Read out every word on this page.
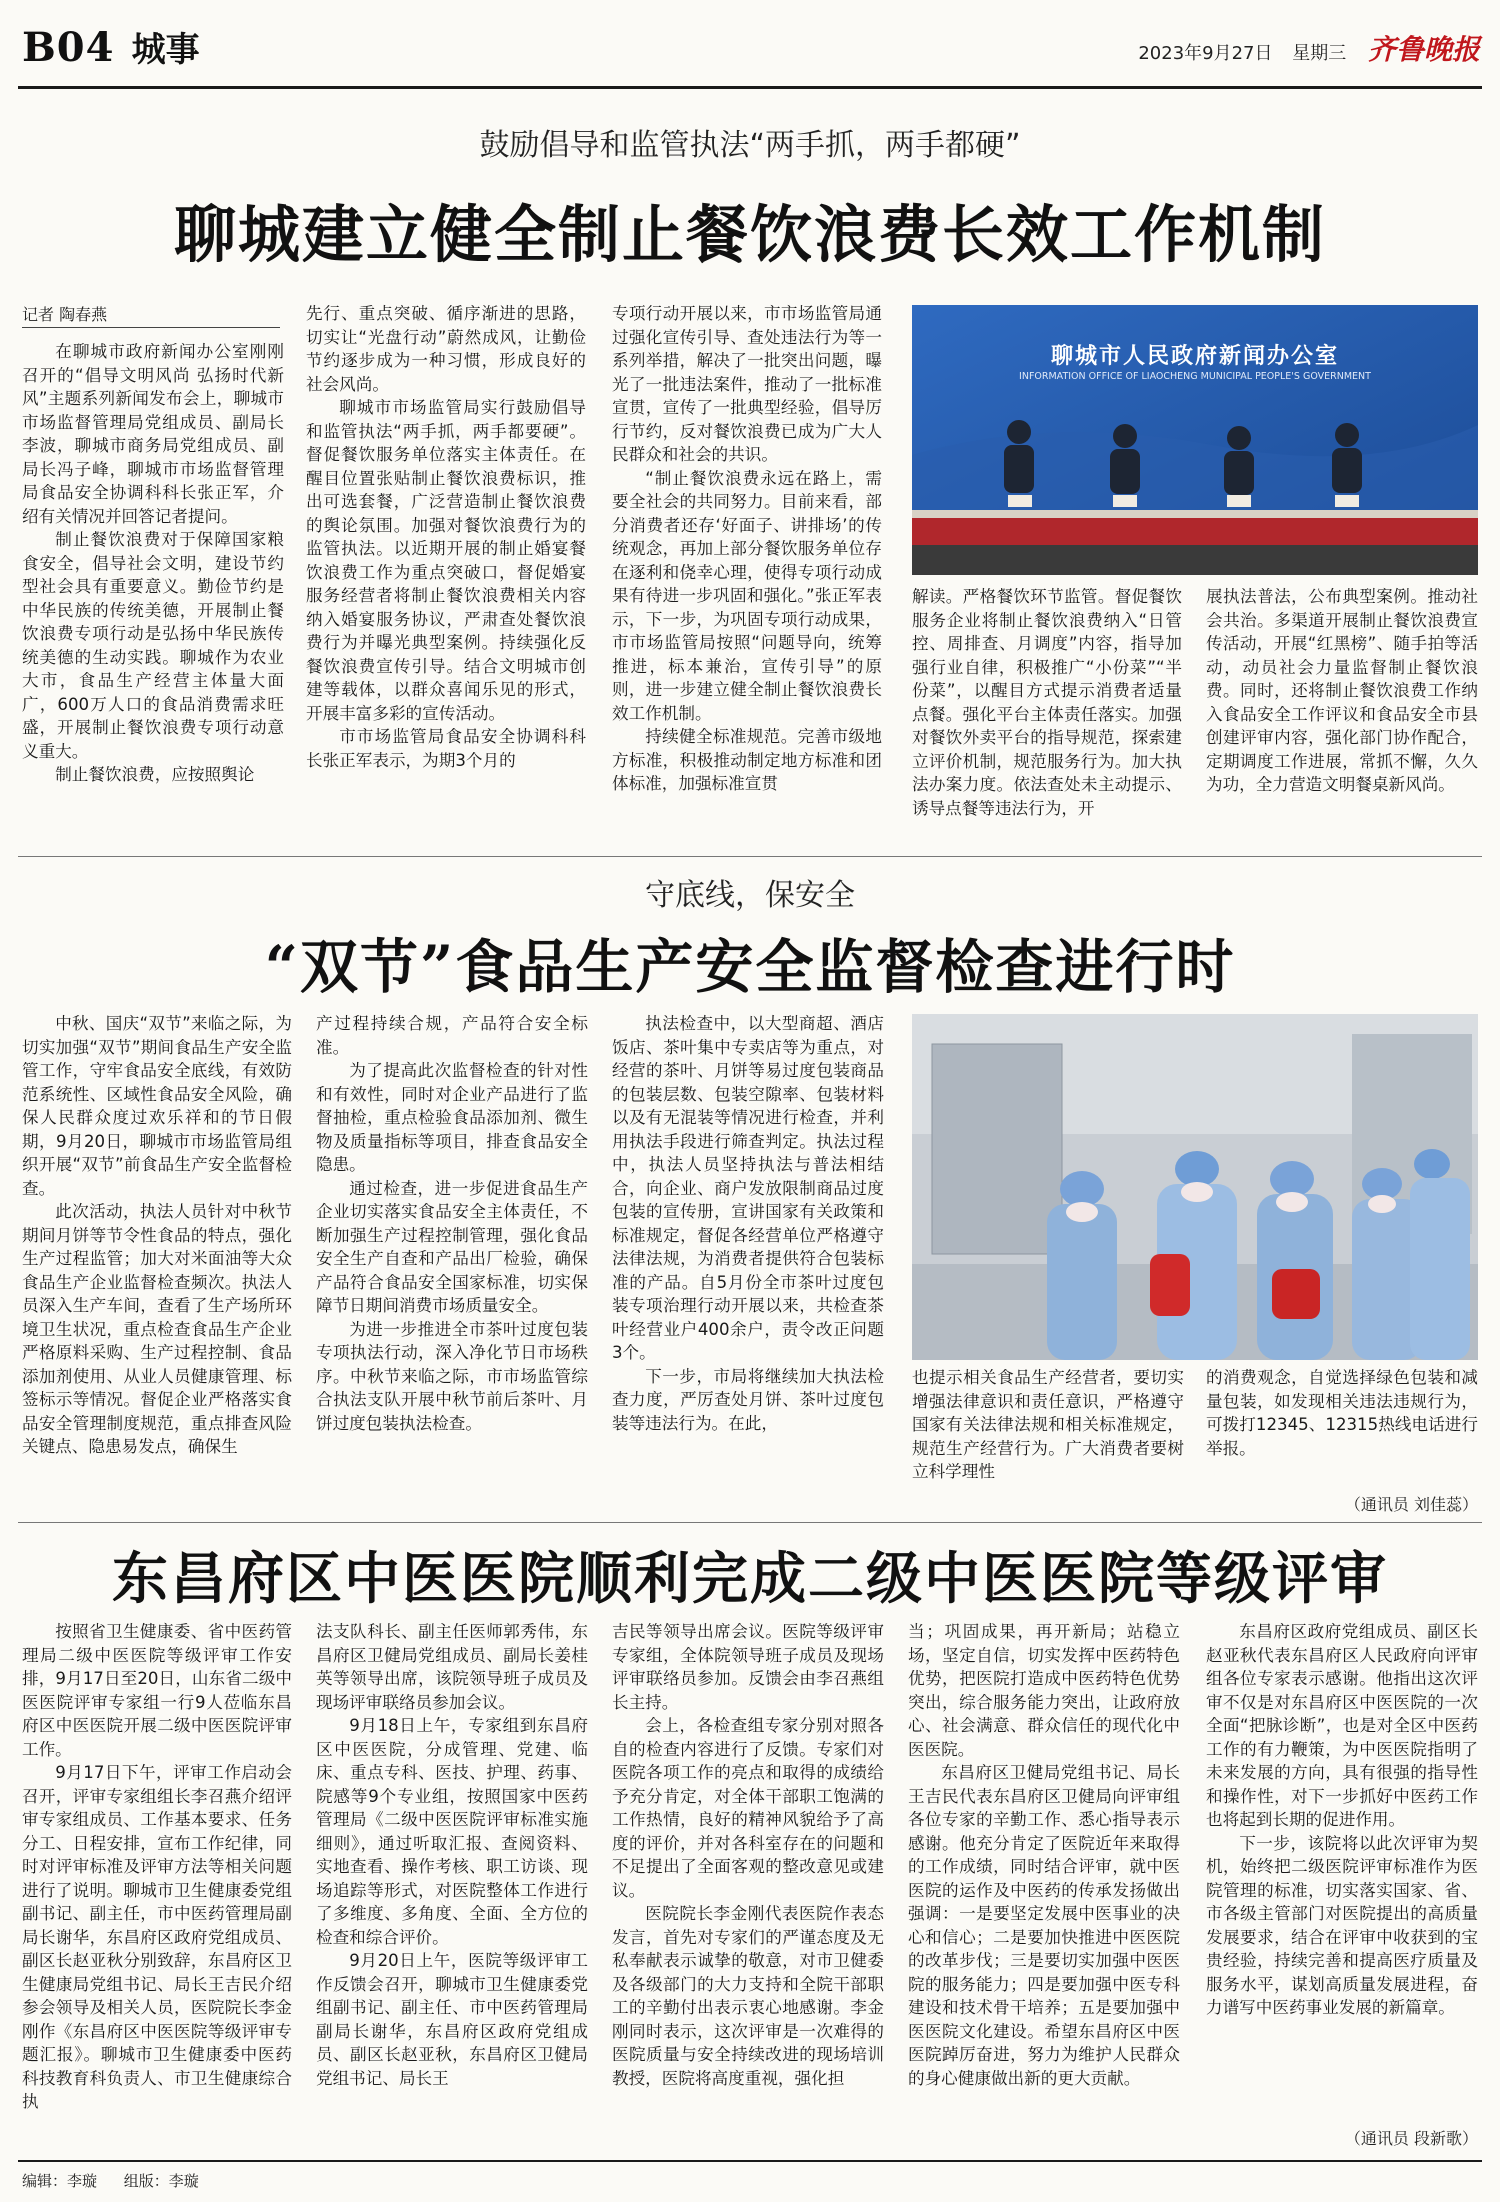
B04 城事	2023年9月27日 星期三 齐鲁晚报
鼓励倡导和监管执法“两手抓，两手都硬”
聊城建立健全制止餐饮浪费长效工作机制
记者 陶春燕

在聊城市政府新闻办公室刚刚召开的“倡导文明风尚 弘扬时代新风”主题系列新闻发布会上，聊城市市场监督管理局党组成员、副局长李波，聊城市商务局党组成员、副局长冯子峰，聊城市市场监督管理局食品安全协调科科长张正军，介绍有关情况并回答记者提问。

制止餐饮浪费对于保障国家粮食安全，倡导社会文明，建设节约型社会具有重要意义。勤俭节约是中华民族的传统美德，开展制止餐饮浪费专项行动是弘扬中华民族传统美德的生动实践。聊城作为农业大市，食品生产经营主体量大面广，600万人口的食品消费需求旺盛，开展制止餐饮浪费专项行动意义重大。

制止餐饮浪费，应按照舆论

先行、重点突破、循序渐进的思路，切实让“光盘行动”蔚然成风，让勤俭节约逐步成为一种习惯，形成良好的社会风尚。

聊城市市场监管局实行鼓励倡导和监管执法“两手抓，两手都要硬”。督促餐饮服务单位落实主体责任。在醒目位置张贴制止餐饮浪费标识，推出可选套餐，广泛营造制止餐饮浪费的舆论氛围。加强对餐饮浪费行为的监管执法。以近期开展的制止婚宴餐饮浪费工作为重点突破口，督促婚宴服务经营者将制止餐饮浪费相关内容纳入婚宴服务协议，严肃查处餐饮浪费行为并曝光典型案例。持续强化反餐饮浪费宣传引导。结合文明城市创建等载体，以群众喜闻乐见的形式，开展丰富多彩的宣传活动。

市市场监管局食品安全协调科科长张正军表示，为期3个月的

专项行动开展以来，市市场监管局通过强化宣传引导、查处违法行为等一系列举措，解决了一批突出问题，曝光了一批违法案件，推动了一批标准宣贯，宣传了一批典型经验，倡导厉行节约，反对餐饮浪费已成为广大人民群众和社会的共识。

“制止餐饮浪费永远在路上，需要全社会的共同努力。目前来看，部分消费者还存‘好面子、讲排场’的传统观念，再加上部分餐饮服务单位存在逐利和侥幸心理，使得专项行动成果有待进一步巩固和强化。”张正军表示，下一步，为巩固专项行动成果，市市场监管局按照“问题导向，统筹推进，标本兼治，宣传引导”的原则，进一步建立健全制止餐饮浪费长效工作机制。

持续健全标准规范。完善市级地方标准，积极推动制定地方标准和团体标准，加强标准宣贯

聊城市人民政府新闻办公室
INFORMATION OFFICE OF LIAOCHENG MUNICIPAL PEOPLE'S GOVERNMENT

解读。严格餐饮环节监管。督促餐饮服务企业将制止餐饮浪费纳入“日管控、周排查、月调度”内容，指导加强行业自律，积极推广“小份菜”“半份菜”，以醒目方式提示消费者适量点餐。强化平台主体责任落实。加强对餐饮外卖平台的指导规范，探索建立评价机制，规范服务行为。加大执法办案力度。依法查处未主动提示、诱导点餐等违法行为，开

展执法普法，公布典型案例。推动社会共治。多渠道开展制止餐饮浪费宣传活动，开展“红黑榜”、随手拍等活动，动员社会力量监督制止餐饮浪费。同时，还将制止餐饮浪费工作纳入食品安全工作评议和食品安全市县创建评审内容，强化部门协作配合，定期调度工作进展，常抓不懈，久久为功，全力营造文明餐桌新风尚。

守底线，保安全
“双节”食品生产安全监督检查进行时

中秋、国庆“双节”来临之际，为切实加强“双节”期间食品生产安全监管工作，守牢食品安全底线，有效防范系统性、区域性食品安全风险，确保人民群众度过欢乐祥和的节日假期，9月20日，聊城市市场监管局组织开展“双节”前食品生产安全监督检查。

此次活动，执法人员针对中秋节期间月饼等节令性食品的特点，强化生产过程监管；加大对米面油等大众食品生产企业监督检查频次。执法人员深入生产车间，查看了生产场所环境卫生状况，重点检查食品生产企业严格原料采购、生产过程控制、食品添加剂使用、从业人员健康管理、标签标示等情况。督促企业严格落实食品安全管理制度规范，重点排查风险关键点、隐患易发点，确保生

产过程持续合规，产品符合安全标准。

为了提高此次监督检查的针对性和有效性，同时对企业产品进行了监督抽检，重点检验食品添加剂、微生物及质量指标等项目，排查食品安全隐患。

通过检查，进一步促进食品生产企业切实落实食品安全主体责任，不断加强生产过程控制管理，强化食品安全生产自查和产品出厂检验，确保产品符合食品安全国家标准，切实保障节日期间消费市场质量安全。

为进一步推进全市茶叶过度包装专项执法行动，深入净化节日市场秩序。中秋节来临之际，市市场监管综合执法支队开展中秋节前后茶叶、月饼过度包装执法检查。

执法检查中，以大型商超、酒店饭店、茶叶集中专卖店等为重点，对经营的茶叶、月饼等易过度包装商品的包装层数、包装空隙率、包装材料以及有无混装等情况进行检查，并利用执法手段进行筛查判定。执法过程中，执法人员坚持执法与普法相结合，向企业、商户发放限制商品过度包装的宣传册，宣讲国家有关政策和标准规定，督促各经营单位严格遵守法律法规，为消费者提供符合包装标准的产品。自5月份全市茶叶过度包装专项治理行动开展以来，共检查茶叶经营业户400余户，责令改正问题3个。

下一步，市局将继续加大执法检查力度，严厉查处月饼、茶叶过度包装等违法行为。在此，

也提示相关食品生产经营者，要切实增强法律意识和责任意识，严格遵守国家有关法律法规和相关标准规定，规范生产经营行为。广大消费者要树立科学理性

的消费观念，自觉选择绿色包装和减量包装，如发现相关违法违规行为，可拨打12345、12315热线电话进行举报。

（通讯员 刘佳蕊）
东昌府区中医医院顺利完成二级中医医院等级评审

按照省卫生健康委、省中医药管理局二级中医医院等级评审工作安排，9月17日至20日，山东省二级中医医院评审专家组一行9人莅临东昌府区中医医院开展二级中医医院评审工作。

9月17日下午，评审工作启动会召开，评审专家组组长李召燕介绍评审专家组成员、工作基本要求、任务分工、日程安排，宣布工作纪律，同时对评审标准及评审方法等相关问题进行了说明。聊城市卫生健康委党组副书记、副主任，市中医药管理局副局长谢华，东昌府区政府党组成员、副区长赵亚秋分别致辞，东昌府区卫生健康局党组书记、局长王吉民介绍参会领导及相关人员，医院院长李金刚作《东昌府区中医医院等级评审专题汇报》。聊城市卫生健康委中医药科技教育科负责人、市卫生健康综合执

法支队科长、副主任医师郭秀伟，东昌府区卫健局党组成员、副局长姜桂英等领导出席，该院领导班子成员及现场评审联络员参加会议。

9月18日上午，专家组到东昌府区中医医院，分成管理、党建、临床、重点专科、医技、护理、药事、院感等9个专业组，按照国家中医药管理局《二级中医医院评审标准实施细则》，通过听取汇报、查阅资料、实地查看、操作考核、职工访谈、现场追踪等形式，对医院整体工作进行了多维度、多角度、全面、全方位的检查和综合评价。

9月20日上午，医院等级评审工作反馈会召开，聊城市卫生健康委党组副书记、副主任、市中医药管理局副局长谢华，东昌府区政府党组成员、副区长赵亚秋，东昌府区卫健局党组书记、局长王

吉民等领导出席会议。医院等级评审专家组，全体院领导班子成员及现场评审联络员参加。反馈会由李召燕组长主持。

会上，各检查组专家分别对照各自的检查内容进行了反馈。专家们对医院各项工作的亮点和取得的成绩给予充分肯定，对全体干部职工饱满的工作热情，良好的精神风貌给予了高度的评价，并对各科室存在的问题和不足提出了全面客观的整改意见或建议。

医院院长李金刚代表医院作表态发言，首先对专家们的严谨态度及无私奉献表示诚挚的敬意，对市卫健委及各级部门的大力支持和全院干部职工的辛勤付出表示衷心地感谢。李金刚同时表示，这次评审是一次难得的医院质量与安全持续改进的现场培训教授，医院将高度重视，强化担

当；巩固成果，再开新局；站稳立场，坚定自信，切实发挥中医药特色优势，把医院打造成中医药特色优势突出，综合服务能力突出，让政府放心、社会满意、群众信任的现代化中医医院。

东昌府区卫健局党组书记、局长王吉民代表东昌府区卫健局向评审组各位专家的辛勤工作、悉心指导表示感谢。他充分肯定了医院近年来取得的工作成绩，同时结合评审，就中医医院的运作及中医药的传承发扬做出强调：一是要坚定发展中医事业的决心和信心；二是要加快推进中医医院的改革步伐；三是要切实加强中医医院的服务能力；四是要加强中医专科建设和技术骨干培养；五是要加强中医医院文化建设。希望东昌府区中医医院踔厉奋进，努力为维护人民群众的身心健康做出新的更大贡献。

东昌府区政府党组成员、副区长赵亚秋代表东昌府区人民政府向评审组各位专家表示感谢。他指出这次评审不仅是对东昌府区中医医院的一次全面“把脉诊断”，也是对全区中医药工作的有力鞭策，为中医医院指明了未来发展的方向，具有很强的指导性和操作性，对下一步抓好中医药工作也将起到长期的促进作用。

下一步，该院将以此次评审为契机，始终把二级医院评审标准作为医院管理的标准，切实落实国家、省、市各级主管部门对医院提出的高质量发展要求，结合在评审中收获到的宝贵经验，持续完善和提高医疗质量及服务水平，谋划高质量发展进程，奋力谱写中医药事业发展的新篇章。

（通讯员 段新歌）
编辑：李璇 组版：李璇
